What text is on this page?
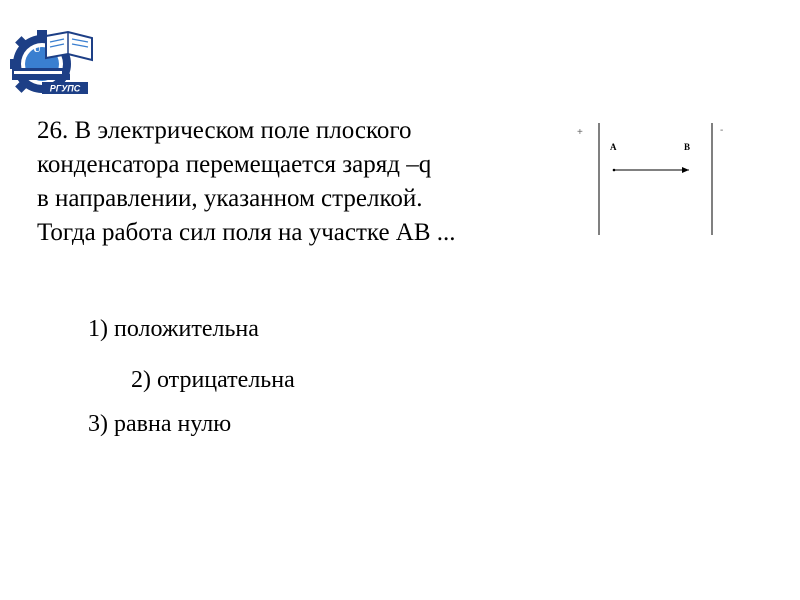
U
РГУПС
26. В электрическом поле плоского
конденсатора перемещается заряд –q
в направлении, указанном стрелкой.
Тогда работа сил поля на участке AB ...
+	-
A	B
1) положительна
2) отрицательна
3) равна нулю
